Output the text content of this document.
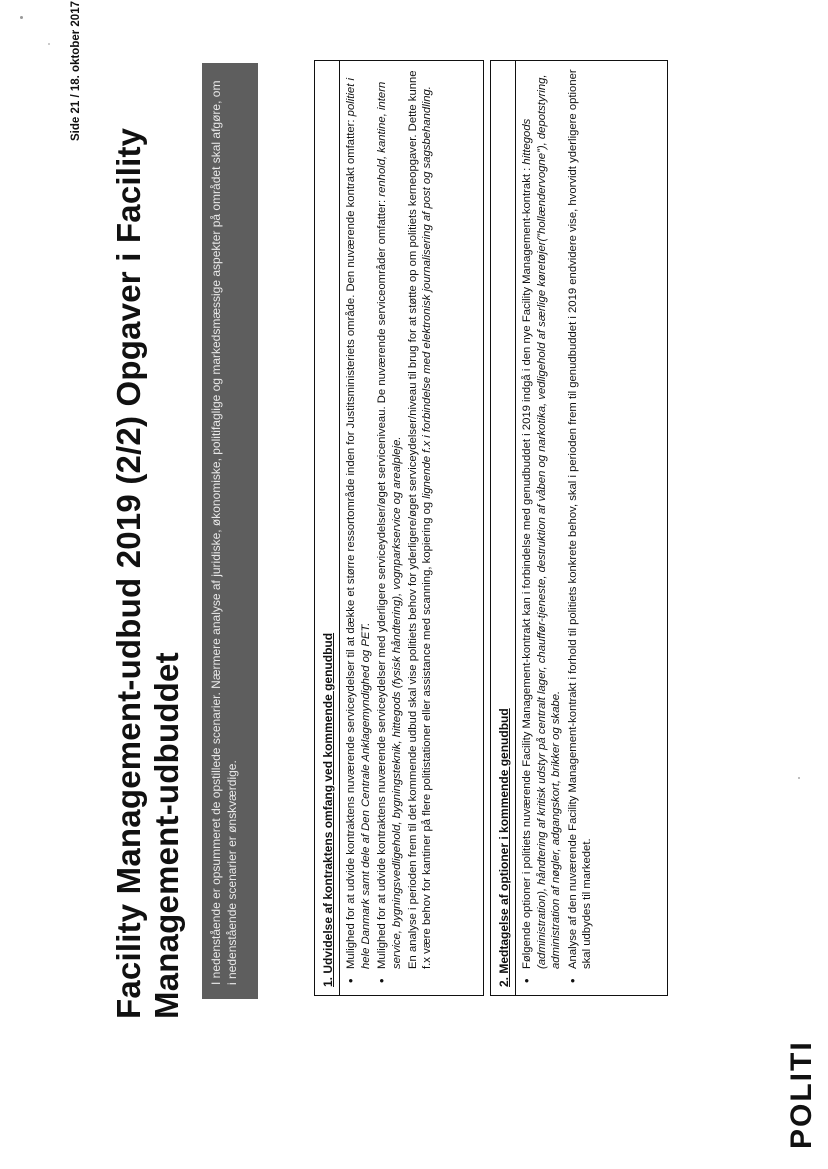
Facility Management-udbud 2019 (2/2) Opgaver i Facility Management-udbuddet
POLITI
I nedenstående er opsummeret de opstillede scenarier. Nærmere analyse af juridiske, økonomiske, politifaglige og markedsmæssige aspekter på området skal afgøre, om i nedenstående scenarier er ønskværdige.	1. Udvidelse af kontraktens omfang ved kommende genudbud • Mulighed for at udvide kontraktens nuværende serviceydelser til at dække et større ressortområde inden for Justitsministeriets område. Den nuværende kontrakt omfatter: politiet i hele Danmark samt dele af Den Centrale Anklagemyndighed og PET. • Mulighed for at udvide kontraktens nuværende serviceydelser med yderligere serviceydelser/øget serviceniveau. De nuværende serviceområder omfatter: renhold, kantine, intern service, bygningsvedligehold, bygningsteknik, hittegods (fysisk håndtering), vognparkservice og arealpleje. En analyse i perioden frem til det kommende udbud skal vise politiets behov for yderligere/øget serviceydelser/niveau til brug for at støtte op om politiets kerneopgaver. Dette kunne f.x være behov for kantiner på flere politistationer eller assistance med scanning, kopiering og lignende f.x i forbindelse med elektronisk journalisering af post og sagsbehandling.

2. Medtagelse af optioner i kommende genudbud • Følgende optioner i politiets nuværende Facility Management-kontrakt kan i forbindelse med genudbuddet i 2019 indgå i den nye Facility Management-kontrakt : hittegods (administration), håndtering af kritisk udstyr på centralt lager, chauffør-tjeneste, destruktion af våben og narkotika, vedligehold af særlige køretøjer(”hollændervogne”), depotstyring, administration af nøgler, adgangskort, brikker og skabe. • Analyse af den nuværende Facility Management-kontrakt i forhold til politiets konkrete behov, skal i perioden frem til genudbuddet i 2019 endvidere vise, hvorvidt yderligere optioner skal udbydes til markedet.
Side 21 / 18. oktober 2017
